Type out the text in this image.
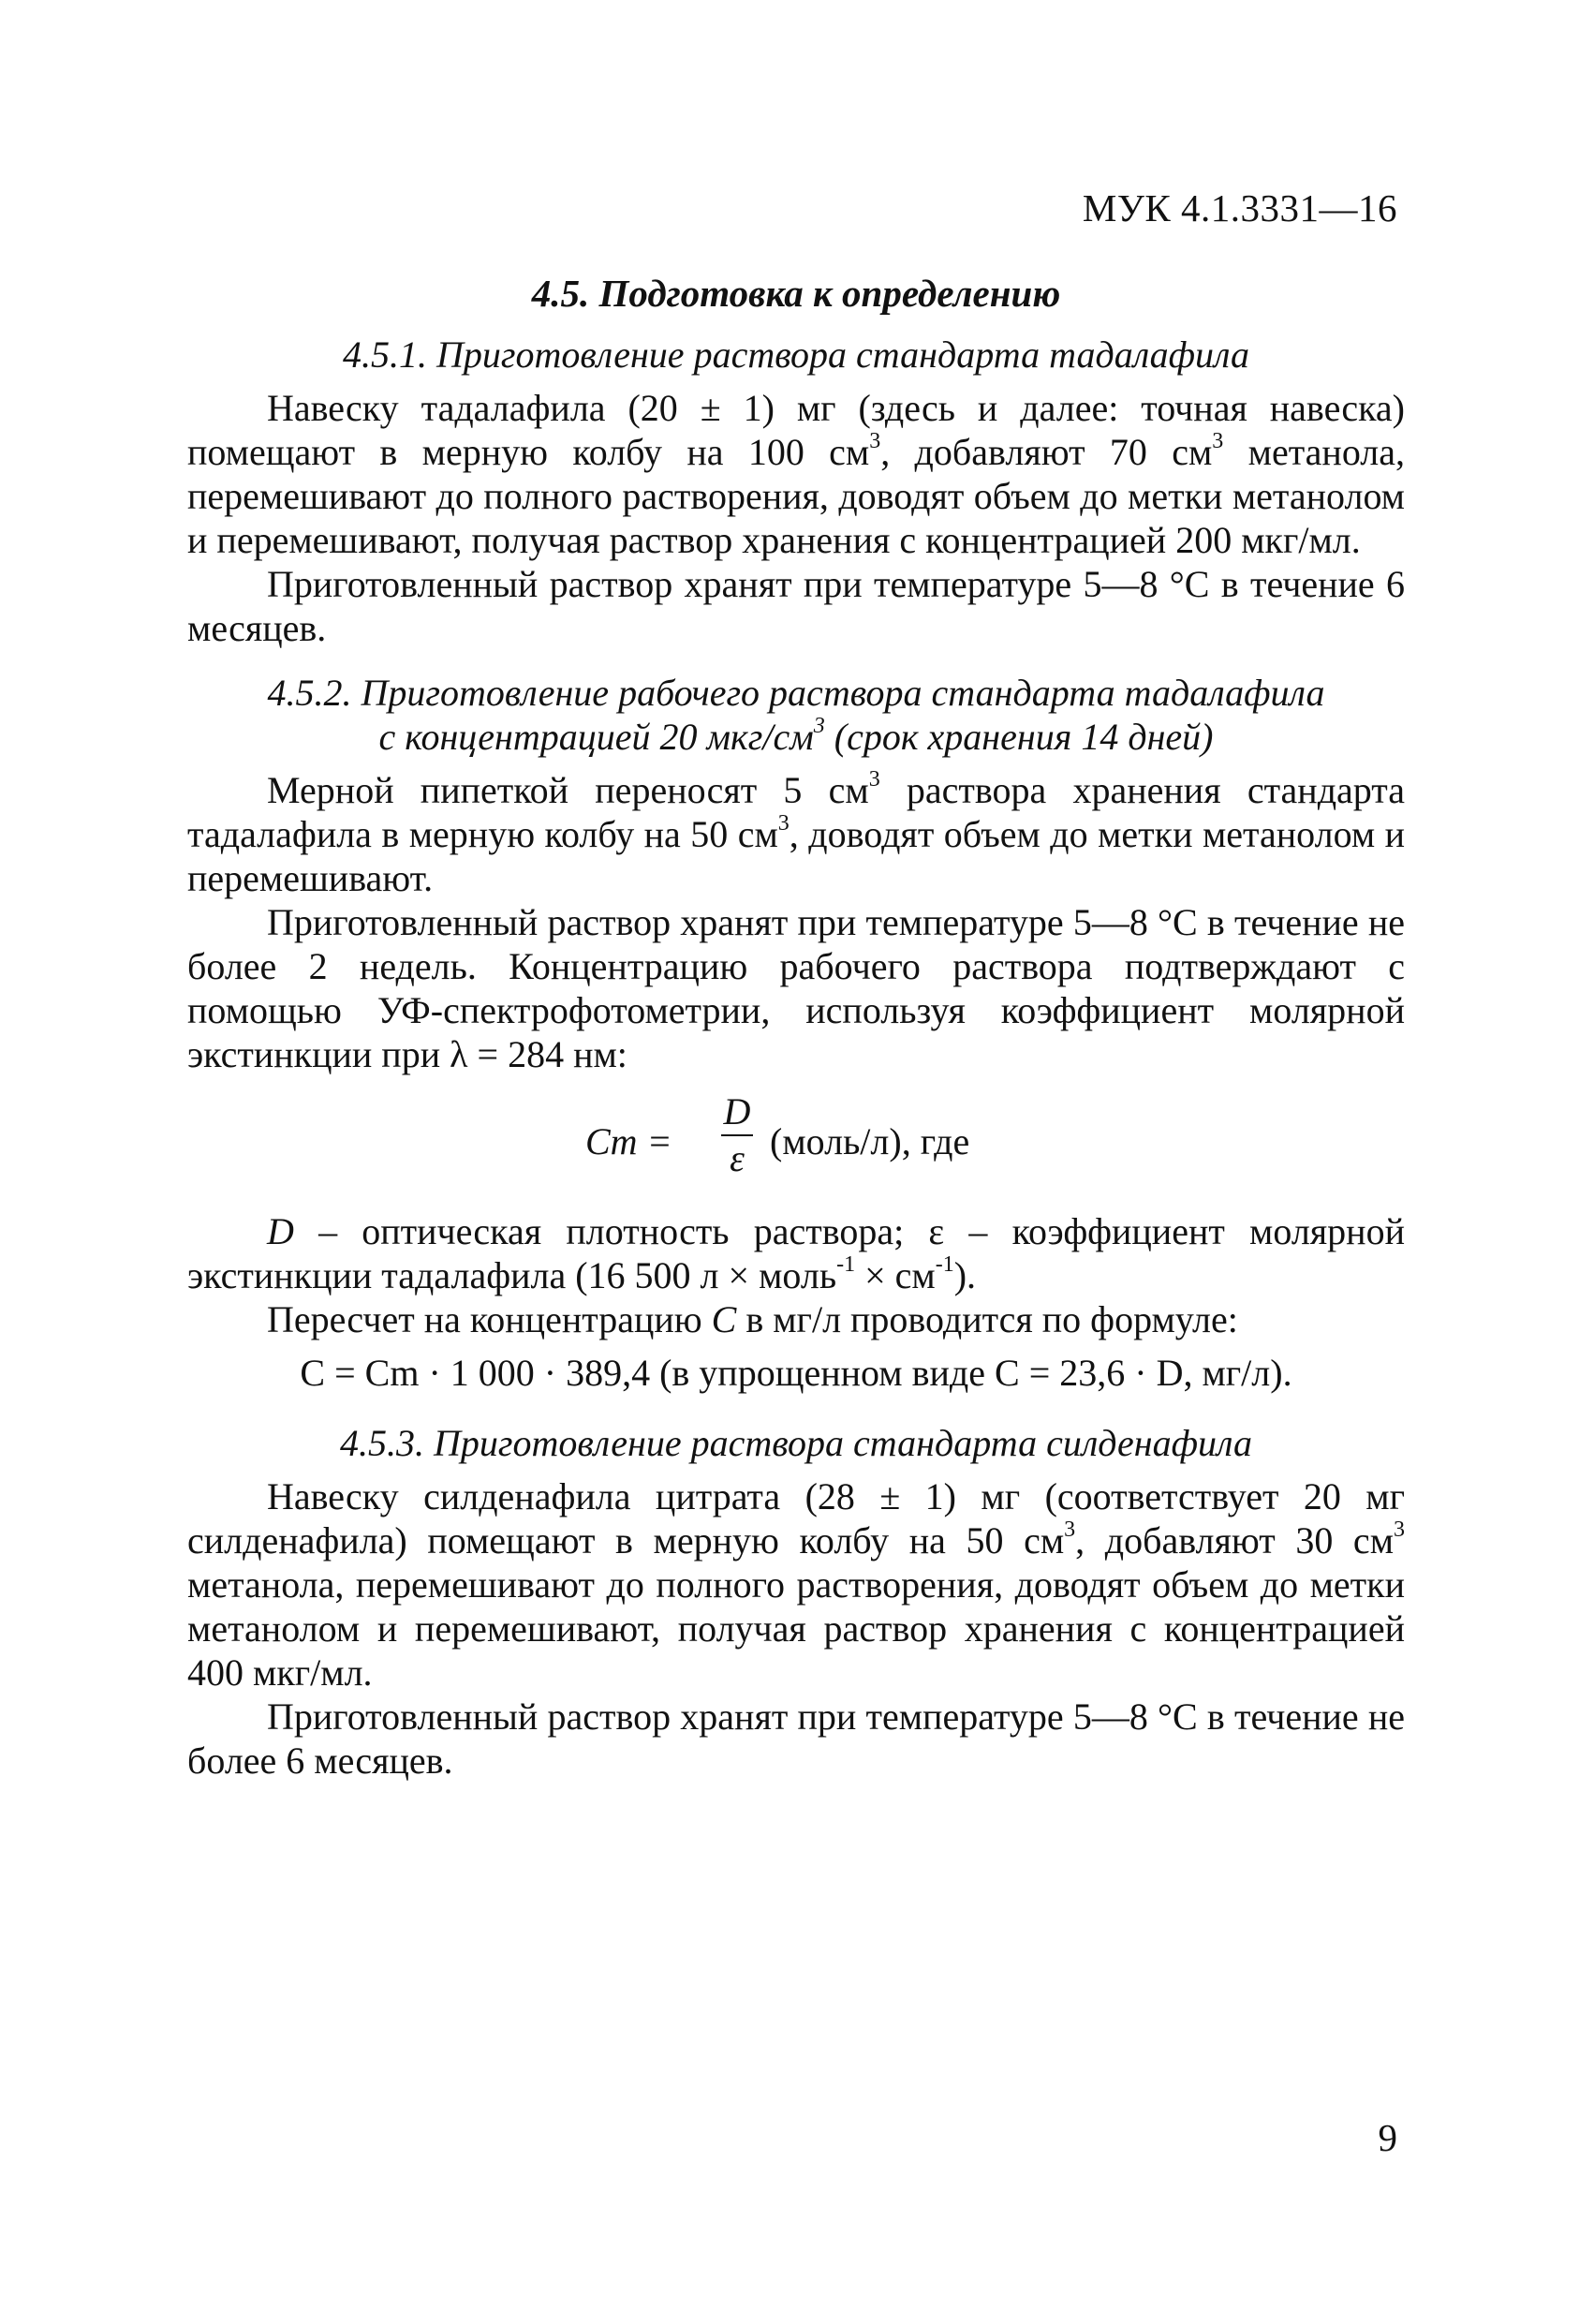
МУК 4.1.3331—16
4.5. Подготовка к определению
4.5.1. Приготовление раствора стандарта тадалафила

Навеску тадалафила (20 ± 1) мг (здесь и далее: точная навеска) помещают в мерную колбу на 100 $см^3$, добавляют 70 $см^3$ метанола, перемешивают до полного растворения, доводят объем до метки метанолом и перемешивают, получая раствор хранения с концентрацией 200 мкг/мл.

Приготовленный раствор хранят при температуре 5—8 °С в течение 6 месяцев.

4.5.2. Приготовление рабочего раствора стандарта тадалафила
с концентрацией 20 мкг/$см^3$ (срок хранения 14 дней)

Мерной пипеткой переносят 5 $см^3$ раствора хранения стандарта тадалафила в мерную колбу на 50 $см^3$, доводят объем до метки метанолом и перемешивают.

Приготовленный раствор хранят при температуре 5—8 °С в течение не более 2 недель. Концентрацию рабочего раствора подтверждают с помощью УФ-спектрофотометрии, используя коэффициент молярной экстинкции при λ = 284 нм:

Cm =
D
ε (моль/л), где

D – оптическая плотность раствора; ε – коэффициент молярной экстинкции тадалафила (16 500 л × моль$^{-1}$ × $см^{-1}$).

Пересчет на концентрацию C в мг/л проводится по формуле:

C = Cm · 1 000 · 389,4 (в упрощенном виде C = 23,6 · D, мг/л).
4.5.3. Приготовление раствора стандарта силденафила

Навеску силденафила цитрата (28 ± 1) мг (соответствует 20 мг силденафила) помещают в мерную колбу на 50 $см^3$, добавляют 30 $см^3$ метанола, перемешивают до полного растворения, доводят объем до метки метанолом и перемешивают, получая раствор хранения с концентрацией 400 мкг/мл.

Приготовленный раствор хранят при температуре 5—8 °С в течение не более 6 месяцев.

9
